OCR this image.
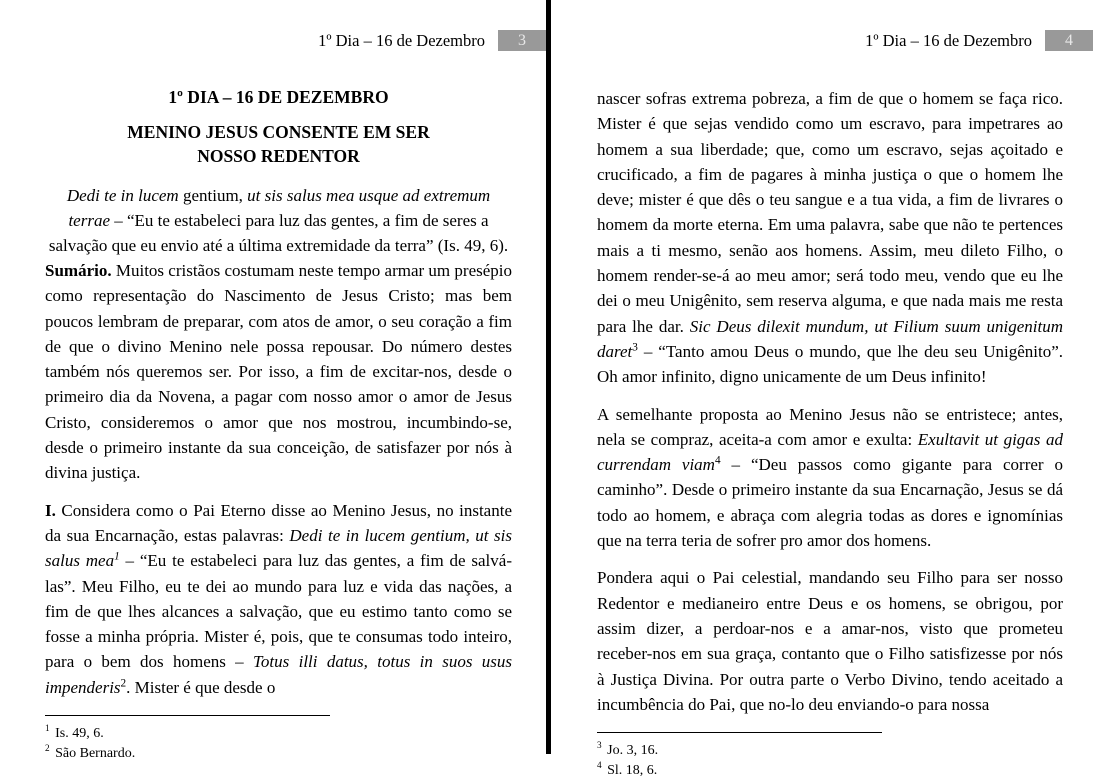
1º Dia – 16 de Dezembro	3
1º DIA – 16 DE DEZEMBRO
MENINO JESUS CONSENTE EM SER
NOSSO REDENTOR

Dedi te in lucem gentium, ut sis salus mea usque ad extremum terrae – “Eu te estabeleci para luz das gentes, a fim de seres a salvação que eu envio até a última extremidade da terra” (Is. 49, 6).

Sumário. Muitos cristãos costumam neste tempo armar um presépio como representação do Nascimento de Jesus Cristo; mas bem poucos lembram de preparar, com atos de amor, o seu coração a fim de que o divino Menino nele possa repousar. Do número destes também nós queremos ser. Por isso, a fim de excitar-nos, desde o primeiro dia da Novena, a pagar com nosso amor o amor de Jesus Cristo, consideremos o amor que nos mostrou, incumbindo-se, desde o primeiro instante da sua conceição, de satisfazer por nós à divina justiça.

I. Considera como o Pai Eterno disse ao Menino Jesus, no instante da sua Encarnação, estas palavras: Dedi te in lucem gentium, ut sis salus mea$^1$ – “Eu te estabeleci para luz das gentes, a fim de salvá-las”. Meu Filho, eu te dei ao mundo para luz e vida das nações, a fim de que lhes alcances a salvação, que eu estimo tanto como se fosse a minha própria. Mister é, pois, que te consumas todo inteiro, para o bem dos homens – Totus illi datus, totus in suos usus impenderis$^2$. Mister é que desde o

$^1$ Is. 49, 6.
$^2$ São Bernardo.
1º Dia – 16 de Dezembro	4

nascer sofras extrema pobreza, a fim de que o homem se faça rico. Mister é que sejas vendido como um escravo, para impetrares ao homem a sua liberdade; que, como um escravo, sejas açoitado e crucificado, a fim de pagares à minha justiça o que o homem lhe deve; mister é que dês o teu sangue e a tua vida, a fim de livrares o homem da morte eterna. Em uma palavra, sabe que não te pertences mais a ti mesmo, senão aos homens. Assim, meu dileto Filho, o homem render-se-á ao meu amor; será todo meu, vendo que eu lhe dei o meu Unigênito, sem reserva alguma, e que nada mais me resta para lhe dar. Sic Deus dilexit mundum, ut Filium suum unigenitum daret$^3$ – “Tanto amou Deus o mundo, que lhe deu seu Unigênito”. Oh amor infinito, digno unicamente de um Deus infinito!

A semelhante proposta ao Menino Jesus não se entristece; antes, nela se compraz, aceita-a com amor e exulta: Exultavit ut gigas ad currendam viam$^4$ – “Deu passos como gigante para correr o caminho”. Desde o primeiro instante da sua Encarnação, Jesus se dá todo ao homem, e abraça com alegria todas as dores e ignomínias que na terra teria de sofrer pro amor dos homens.

Pondera aqui o Pai celestial, mandando seu Filho para ser nosso Redentor e medianeiro entre Deus e os homens, se obrigou, por assim dizer, a perdoar-nos e a amar-nos, visto que prometeu receber-nos em sua graça, contanto que o Filho satisfizesse por nós à Justiça Divina. Por outra parte o Verbo Divino, tendo aceitado a incumbência do Pai, que no-lo deu enviando-o para nossa

$^3$ Jo. 3, 16.
$^4$ Sl. 18, 6.
